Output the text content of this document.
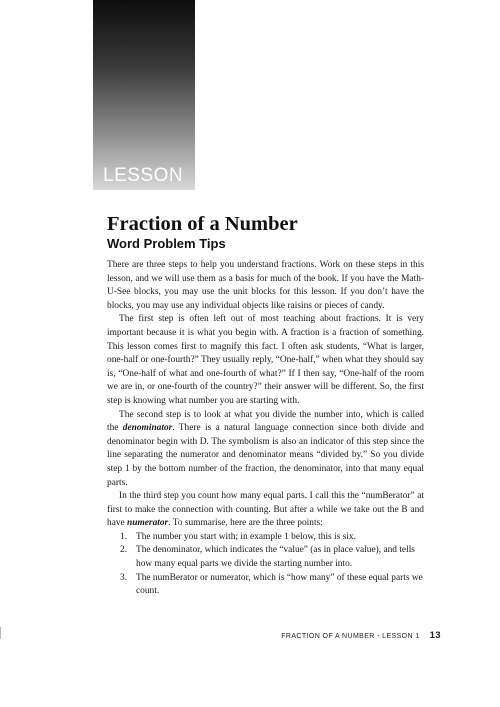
LESSON 1
Fraction of a Number
Word Problem Tips

There are three steps to help you understand fractions. Work on these steps in this lesson, and we will use them as a basis for much of the book. If you have the Math-U-See blocks, you may use the unit blocks for this lesson. If you don’t have the blocks, you may use any individual objects like raisins or pieces of candy.

The first step is often left out of most teaching about fractions. It is very important because it is what you begin with. A fraction is a fraction of something. This lesson comes first to magnify this fact. I often ask students, “What is larger, one-half or one-fourth?” They usually reply, “One-half,” when what they should say is, “One-half of what and one-fourth of what?” If I then say, “One-half of the room we are in, or one-fourth of the country?” their answer will be different. So, the first step is knowing what number you are starting with.

The second step is to look at what you divide the number into, which is called the denominator. There is a natural language connection since both divide and denominator begin with D. The symbolism is also an indicator of this step since the line separating the numerator and denominator means “divided by.” So you divide step 1 by the bottom number of the fraction, the denominator, into that many equal parts.

In the third step you count how many equal parts. I call this the “numBerator” at first to make the connection with counting. But after a while we take out the B and have numerator. To summarise, here are the three points:

1. The number you start with; in example 1 below, this is six.
2. The denominator, which indicates the “value” (as in place value), and tells how many equal parts we divide the starting number into.
3. The numBerator or numerator, which is “how many” of these equal parts we count.
FRACTION OF A NUMBER - LESSON 1 13
